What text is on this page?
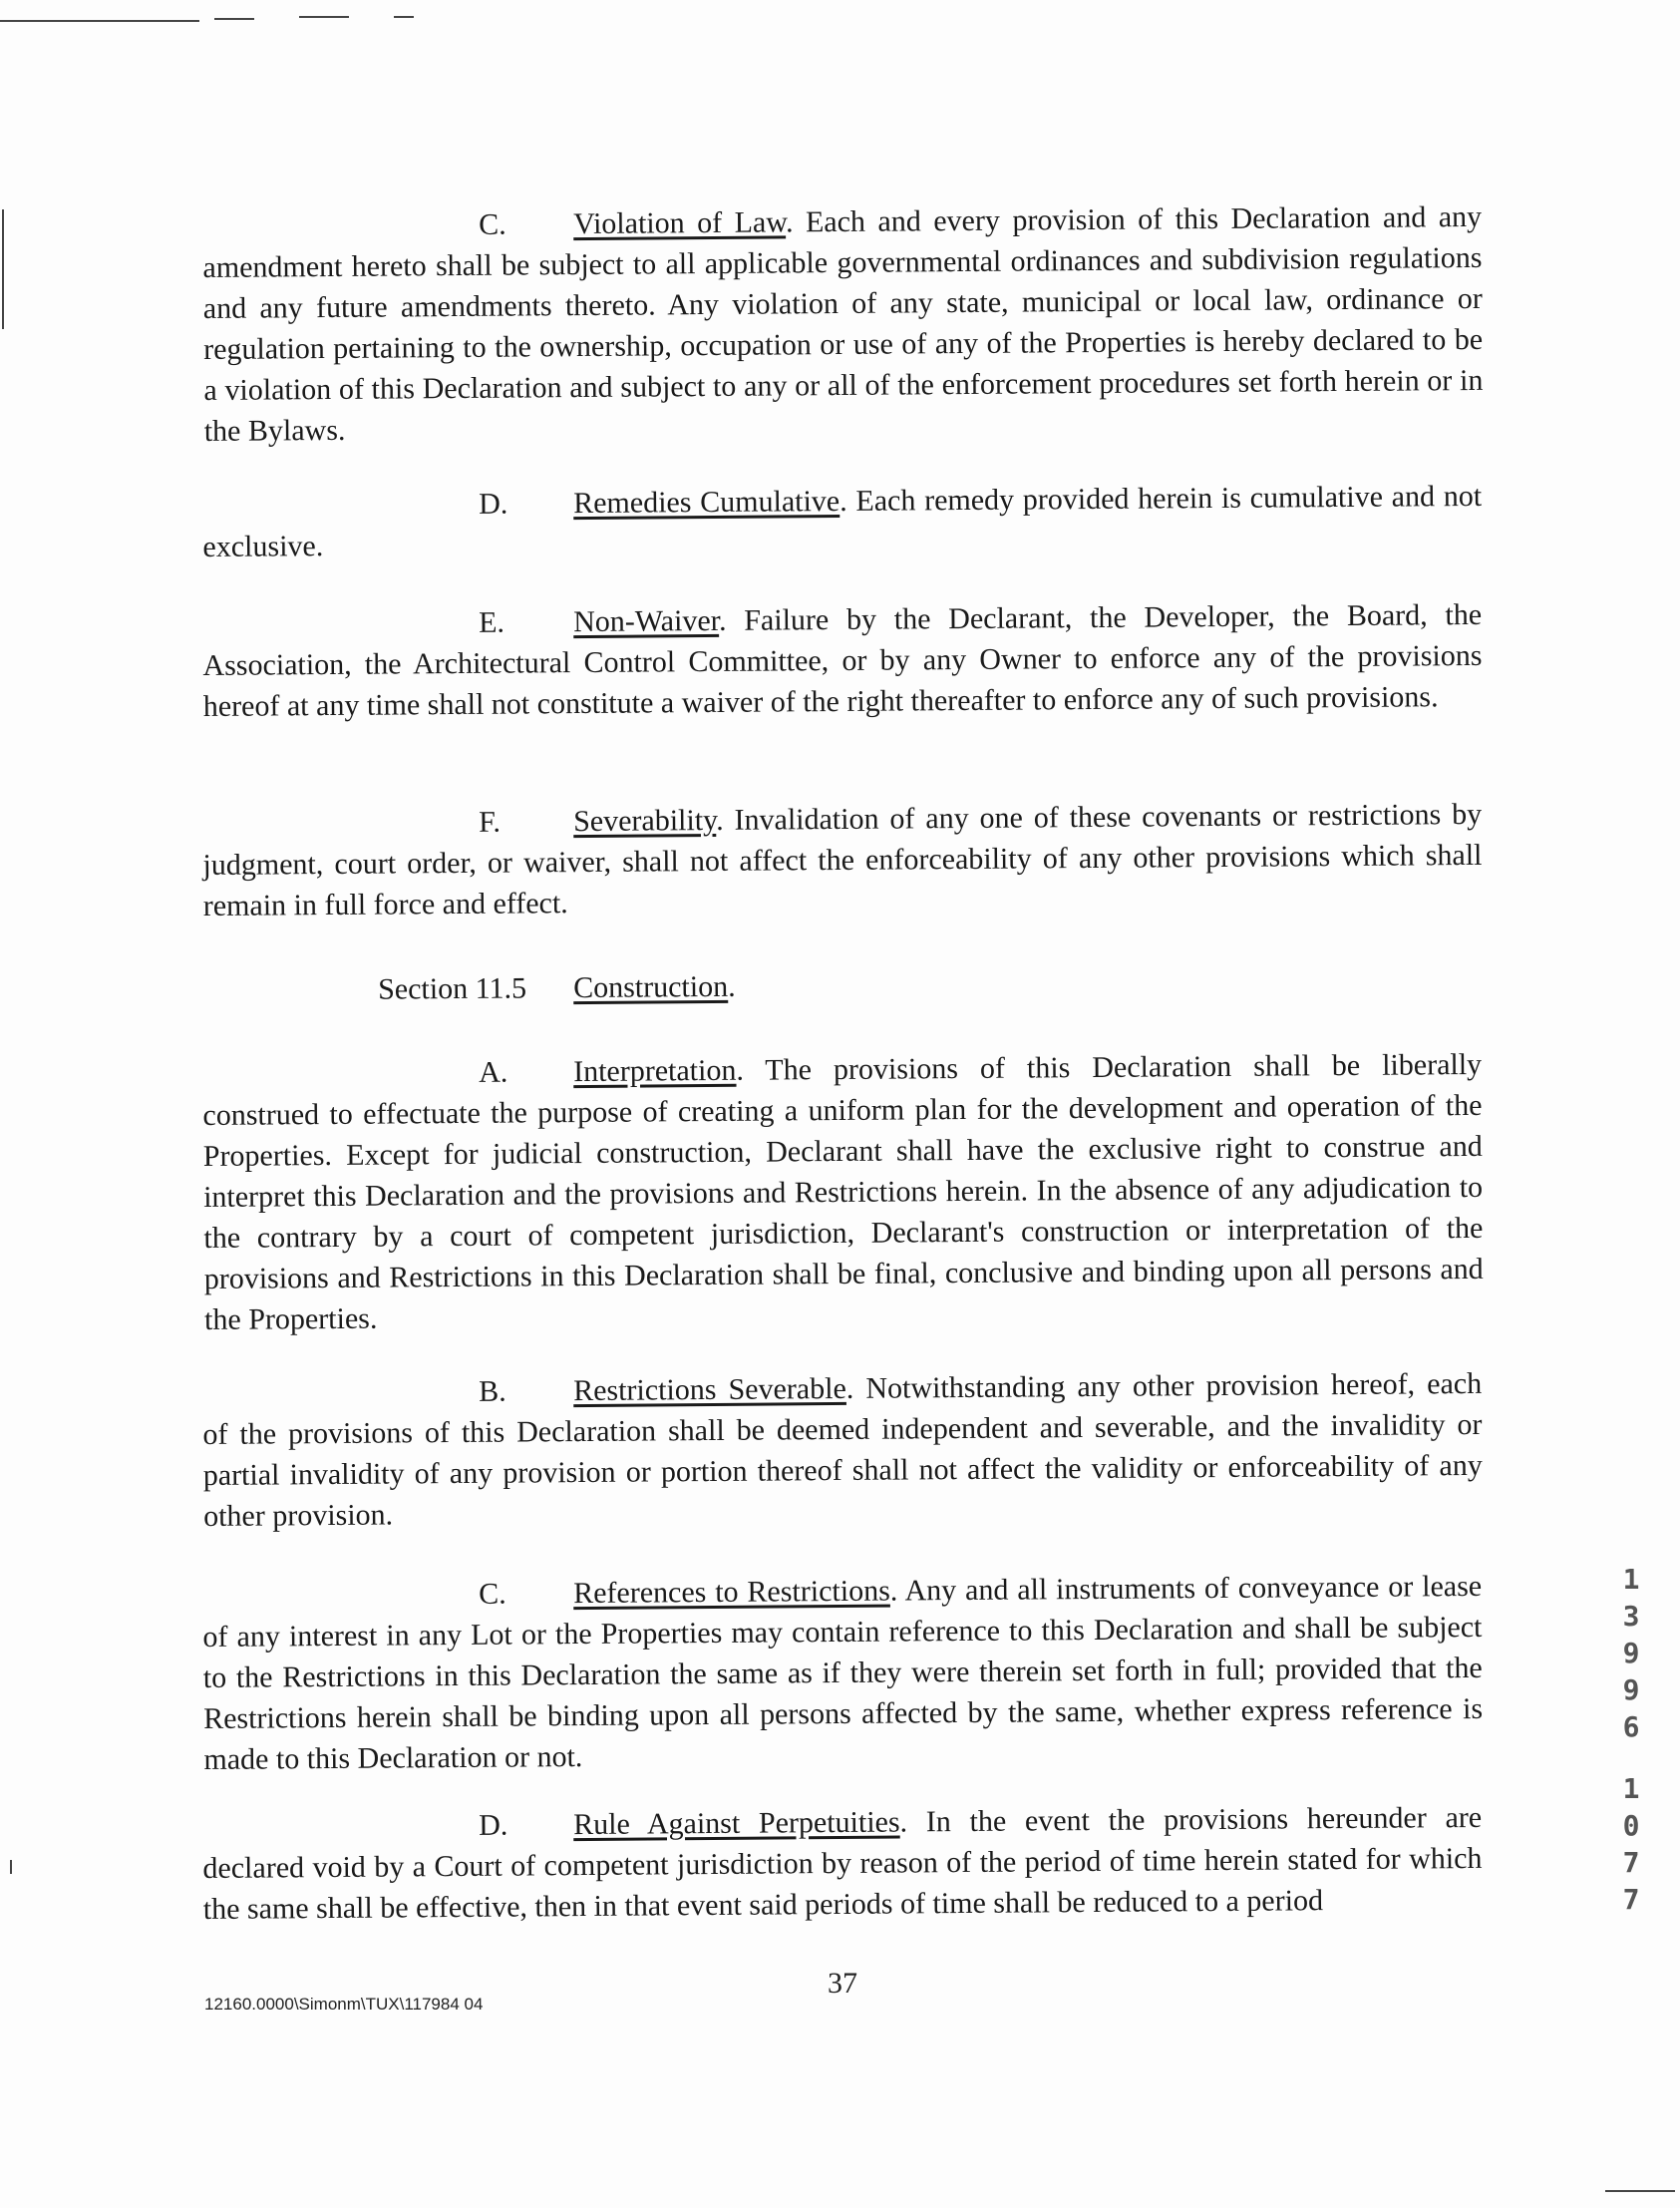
C. Violation of Law. Each and every provision of this Declaration and any amendment hereto shall be subject to all applicable governmental ordinances and subdivision regulations and any future amendments thereto. Any violation of any state, municipal or local law, ordinance or regulation pertaining to the ownership, occupation or use of any of the Properties is hereby declared to be a violation of this Declaration and subject to any or all of the enforcement procedures set forth herein or in the Bylaws.

D. Remedies Cumulative. Each remedy provided herein is cumulative and not exclusive.

E. Non-Waiver. Failure by the Declarant, the Developer, the Board, the Association, the Architectural Control Committee, or by any Owner to enforce any of the provisions hereof at any time shall not constitute a waiver of the right thereafter to enforce any of such provisions.

F. Severability. Invalidation of any one of these covenants or restrictions by judgment, court order, or waiver, shall not affect the enforceability of any other provisions which shall remain in full force and effect.

Section 11.5 Construction.

A. Interpretation. The provisions of this Declaration shall be liberally construed to effectuate the purpose of creating a uniform plan for the development and operation of the Properties. Except for judicial construction, Declarant shall have the exclusive right to construe and interpret this Declaration and the provisions and Restrictions herein. In the absence of any adjudication to the contrary by a court of competent jurisdiction, Declarant's construction or interpretation of the provisions and Restrictions in this Declaration shall be final, conclusive and binding upon all persons and the Properties.

B. Restrictions Severable. Notwithstanding any other provision hereof, each of the provisions of this Declaration shall be deemed independent and severable, and the invalidity or partial invalidity of any provision or portion thereof shall not affect the validity or enforceability of any other provision.

C. References to Restrictions. Any and all instruments of conveyance or lease of any interest in any Lot or the Properties may contain reference to this Declaration and shall be subject to the Restrictions in this Declaration the same as if they were therein set forth in full; provided that the Restrictions herein shall be binding upon all persons affected by the same, whether express reference is made to this Declaration or not.

D. Rule Against Perpetuities. In the event the provisions hereunder are declared void by a Court of competent jurisdiction by reason of the period of time herein stated for which the same shall be effective, then in that event said periods of time shall be reduced to a period

37
12160.0000\Simonm\TUX\117984 04
1
3
9
9
6
1
0
7
7
